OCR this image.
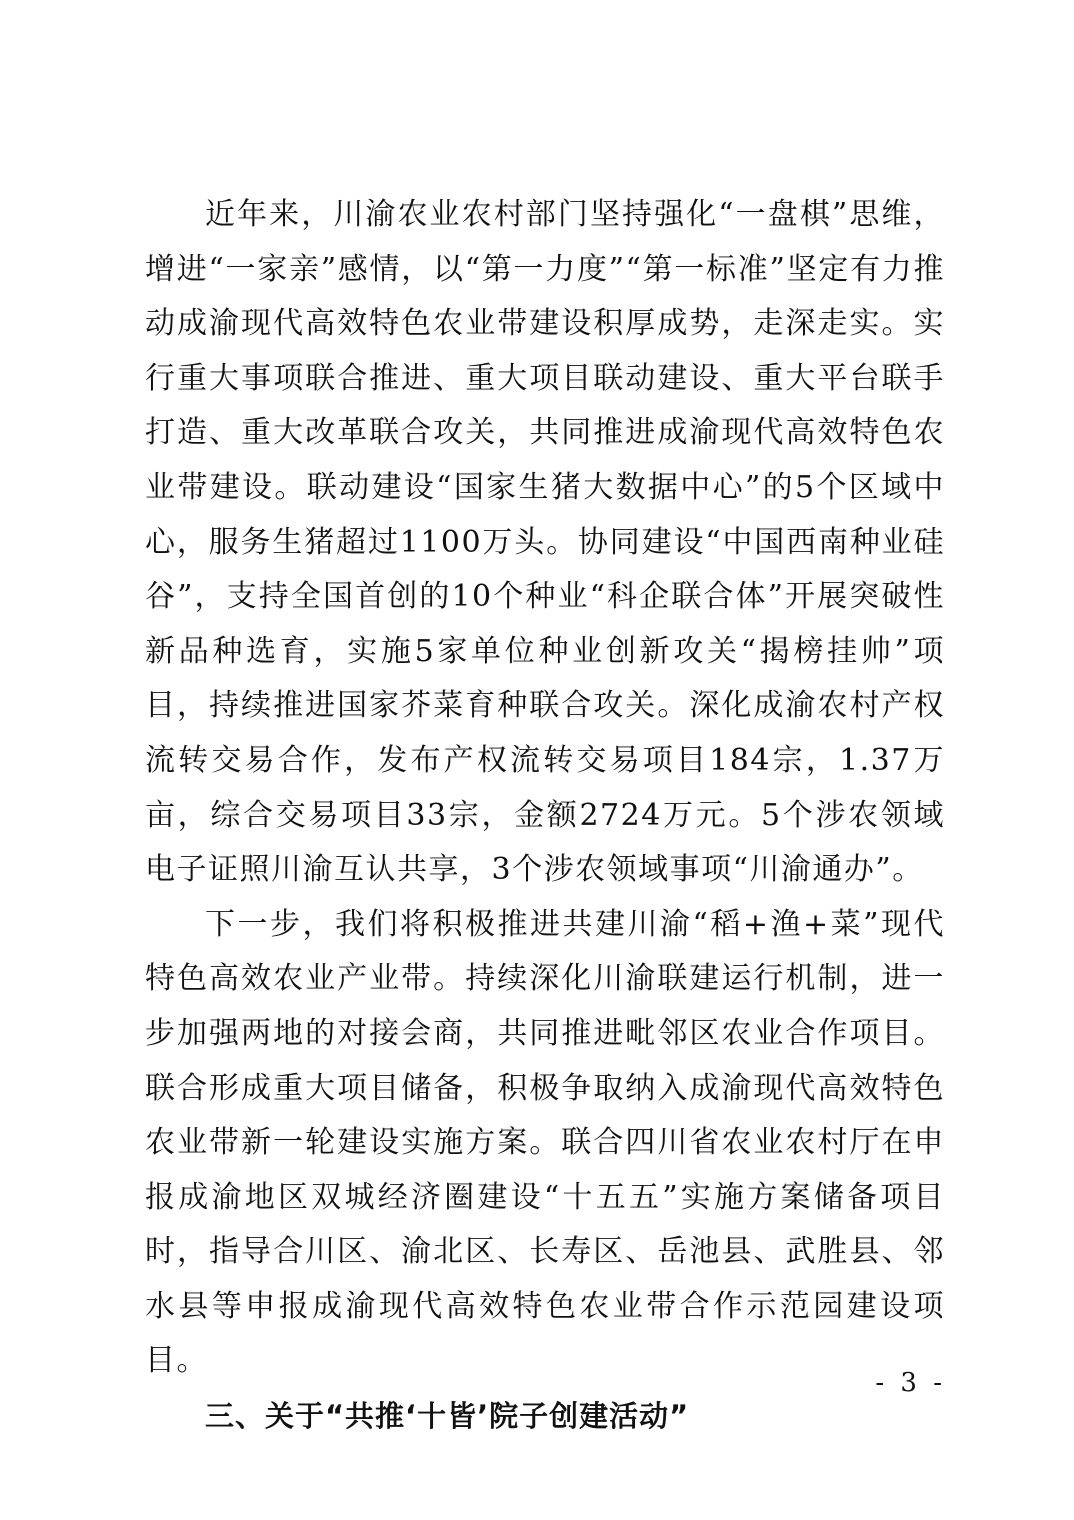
近年来，川渝农业农村部门坚持强化“一盘棋”思维，增进“一家亲”感情，以“第一力度”“第一标准”坚定有力推动成渝现代高效特色农业带建设积厚成势，走深走实。实行重大事项联合推进、重大项目联动建设、重大平台联手打造、重大改革联合攻关，共同推进成渝现代高效特色农业带建设。联动建设“国家生猪大数据中心”的5个区域中心，服务生猪超过1100万头。协同建设“中国西南种业硅谷”，支持全国首创的10个种业“科企联合体”开展突破性新品种选育，实施5家单位种业创新攻关“揭榜挂帅”项目，持续推进国家芥菜育种联合攻关。深化成渝农村产权流转交易合作，发布产权流转交易项目184宗，1.37万亩，综合交易项目33宗，金额2724万元。5个涉农领域电子证照川渝互认共享，3个涉农领域事项“川渝通办”。

下一步，我们将积极推进共建川渝“稻+渔+菜”现代特色高效农业产业带。持续深化川渝联建运行机制，进一步加强两地的对接会商，共同推进毗邻区农业合作项目。联合形成重大项目储备，积极争取纳入成渝现代高效特色农业带新一轮建设实施方案。联合四川省农业农村厅在申报成渝地区双城经济圈建设“十五五”实施方案储备项目时，指导合川区、渝北区、长寿区、岳池县、武胜县、邻水县等申报成渝现代高效特色农业带合作示范园建设项目。

三、关于“共推‘十皆’院子创建活动”

- 3 -
